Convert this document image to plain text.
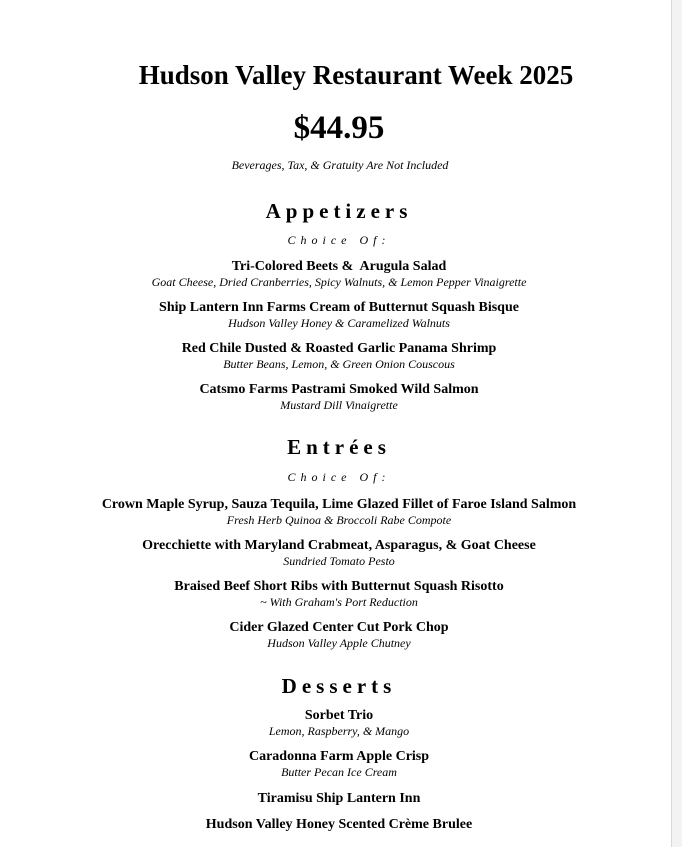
Hudson Valley Restaurant Week 2025
$44.95
Beverages, Tax, & Gratuity Are Not Included
Appetizers
Choice Of:
Tri-Colored Beets &  Arugula Salad
Goat Cheese, Dried Cranberries, Spicy Walnuts, & Lemon Pepper Vinaigrette
Ship Lantern Inn Farms Cream of Butternut Squash Bisque
Hudson Valley Honey & Caramelized Walnuts
Red Chile Dusted & Roasted Garlic Panama Shrimp
Butter Beans, Lemon, & Green Onion Couscous
Catsmo Farms Pastrami Smoked Wild Salmon
Mustard Dill Vinaigrette
Entrées
Choice Of:
Crown Maple Syrup, Sauza Tequila, Lime Glazed Fillet of Faroe Island Salmon
Fresh Herb Quinoa & Broccoli Rabe Compote
Orecchiette with Maryland Crabmeat, Asparagus, & Goat Cheese
Sundried Tomato Pesto
Braised Beef Short Ribs with Butternut Squash Risotto
~ With Graham's Port Reduction
Cider Glazed Center Cut Pork Chop
Hudson Valley Apple Chutney
Desserts
Sorbet Trio
Lemon, Raspberry, & Mango
Caradonna Farm Apple Crisp
Butter Pecan Ice Cream
Tiramisu Ship Lantern Inn
Hudson Valley Honey Scented Crème Brulee
